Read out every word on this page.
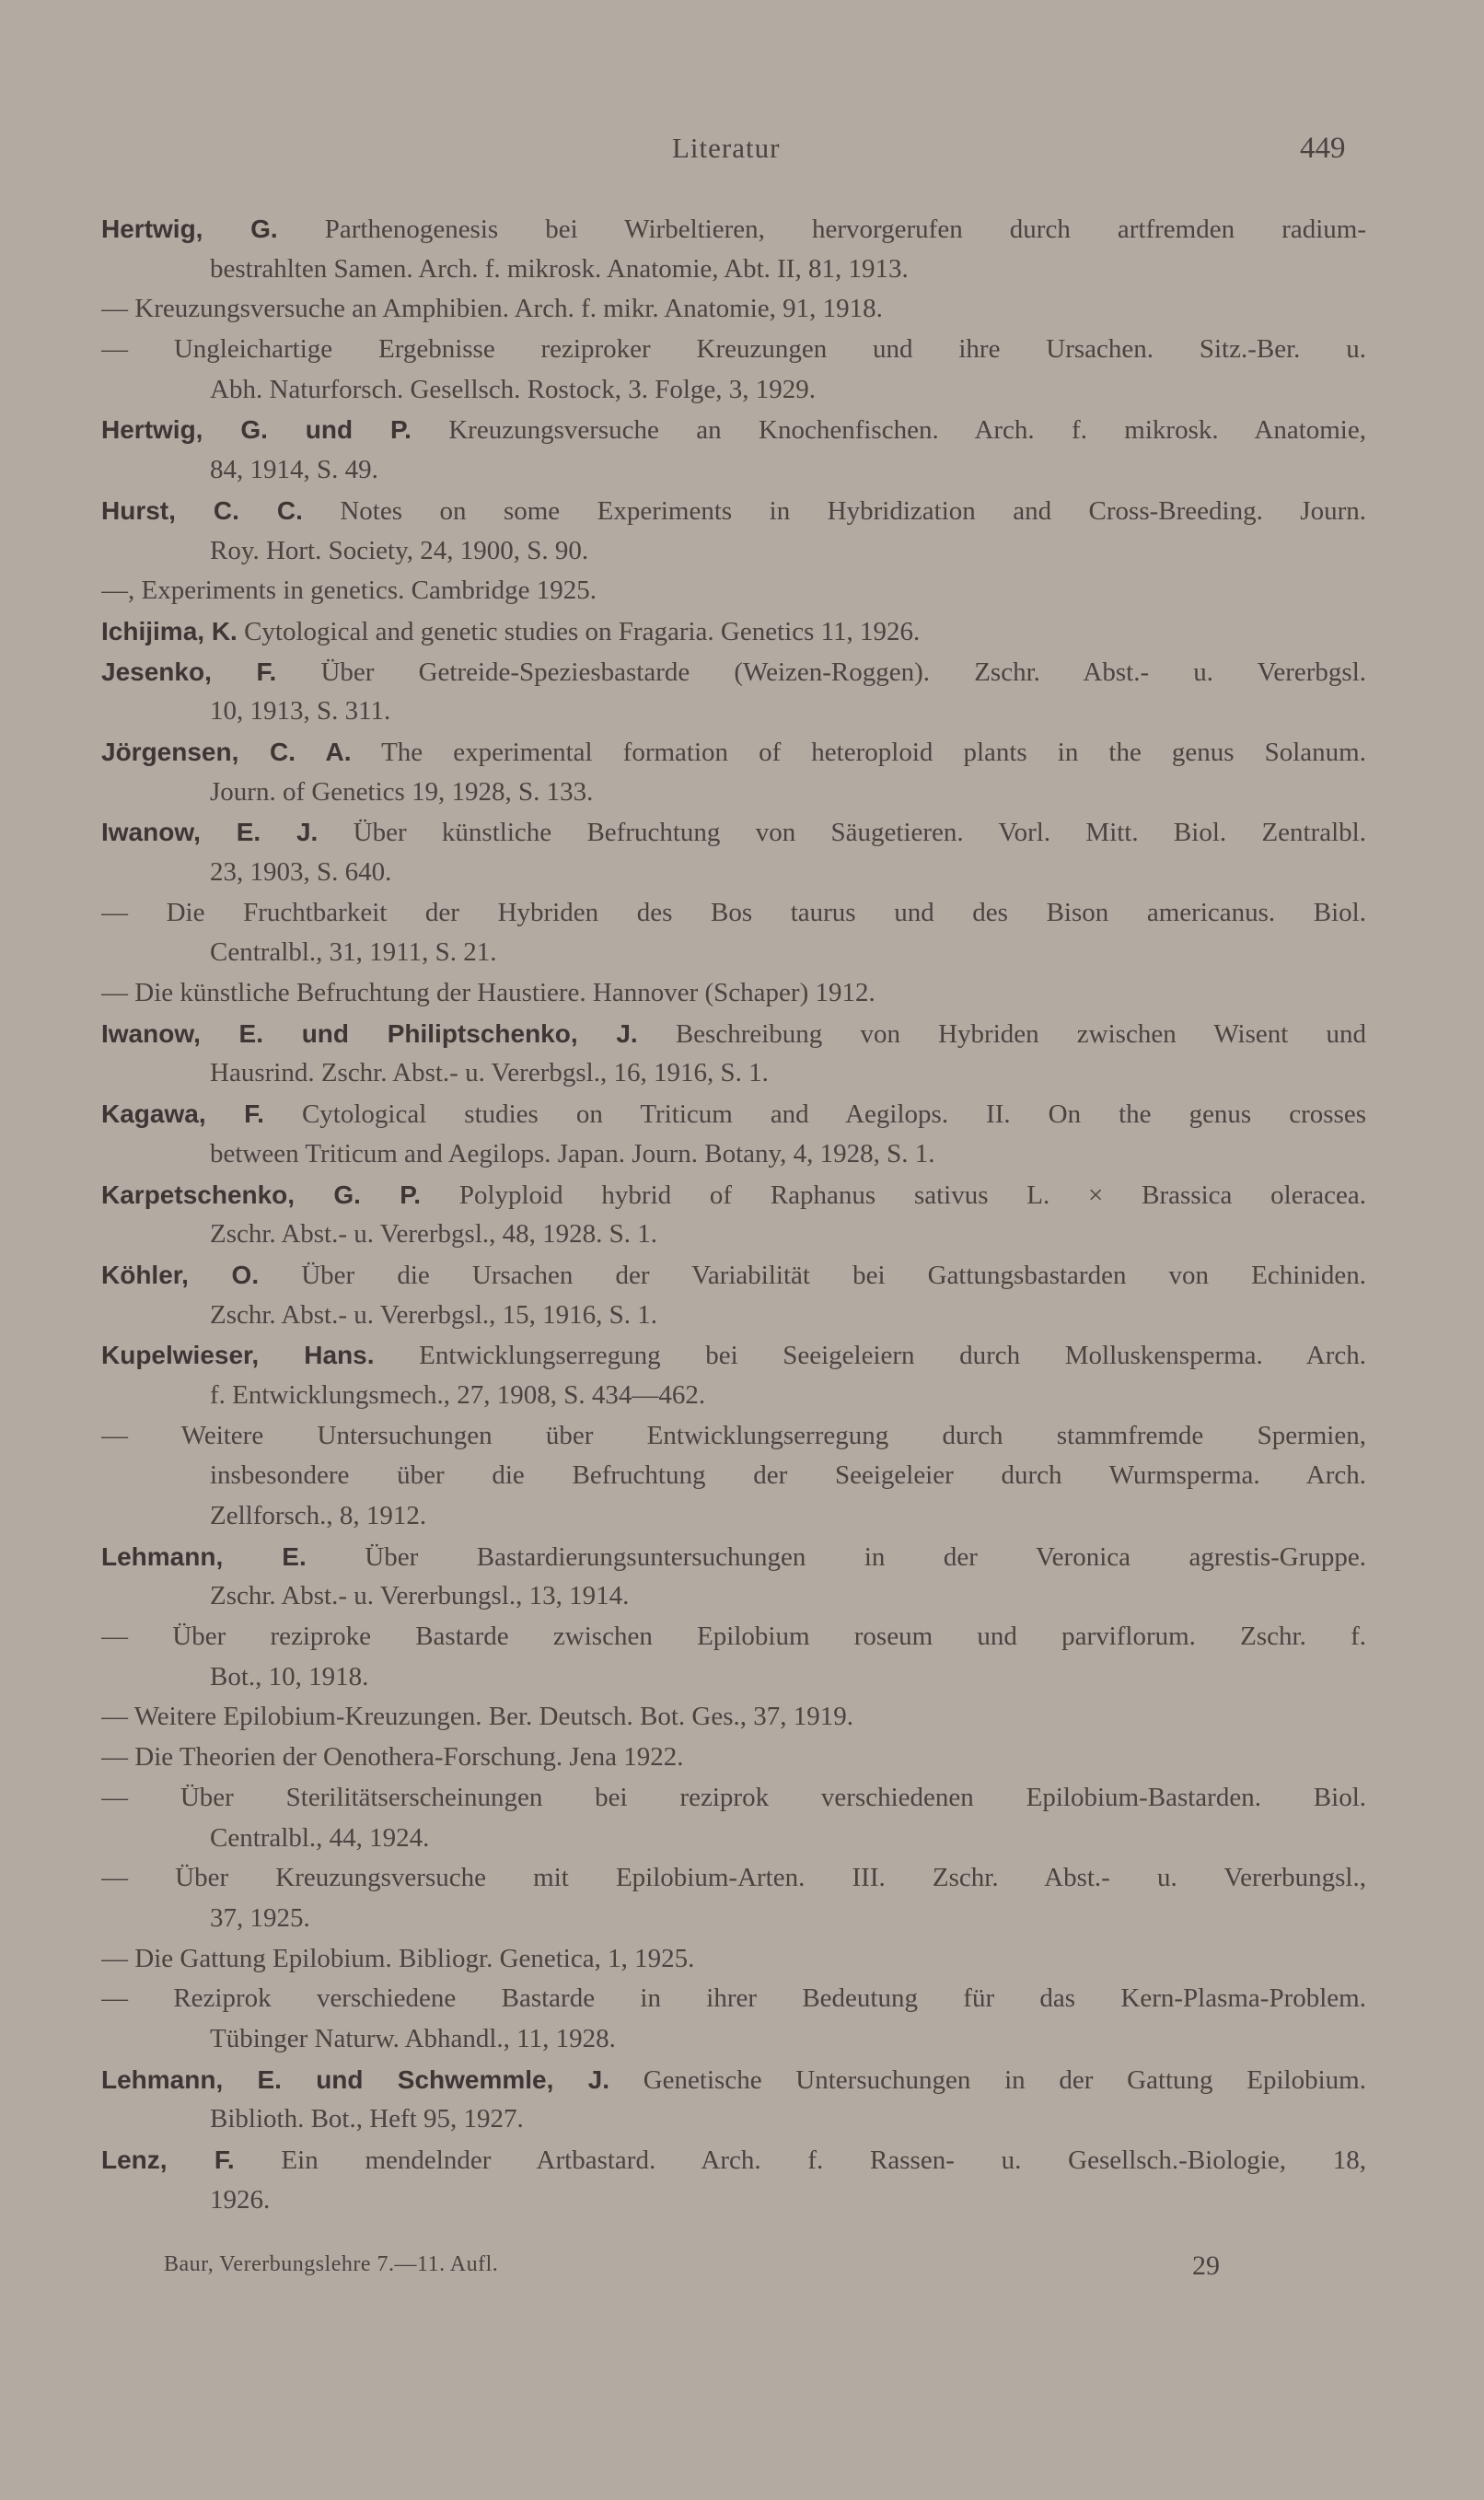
Literatur	449
Hertwig, G. Parthenogenesis bei Wirbeltieren, hervorgerufen durch artfremden radium-
bestrahlten Samen. Arch. f. mikrosk. Anatomie, Abt. II, 81, 1913.
— Kreuzungsversuche an Amphibien. Arch. f. mikr. Anatomie, 91, 1918.
— Ungleichartige Ergebnisse reziproker Kreuzungen und ihre Ursachen. Sitz.-Ber. u.
Abh. Naturforsch. Gesellsch. Rostock, 3. Folge, 3, 1929.
Hertwig, G. und P. Kreuzungsversuche an Knochenfischen. Arch. f. mikrosk. Anatomie,
84, 1914, S. 49.
Hurst, C. C. Notes on some Experiments in Hybridization and Cross-Breeding. Journ.
Roy. Hort. Society, 24, 1900, S. 90.
—, Experiments in genetics. Cambridge 1925.
Ichijima, K. Cytological and genetic studies on Fragaria. Genetics 11, 1926.
Jesenko, F. Über Getreide-Speziesbastarde (Weizen-Roggen). Zschr. Abst.- u. Vererbgsl.
10, 1913, S. 311.
Jörgensen, C. A. The experimental formation of heteroploid plants in the genus Solanum.
Journ. of Genetics 19, 1928, S. 133.
Iwanow, E. J. Über künstliche Befruchtung von Säugetieren. Vorl. Mitt. Biol. Zentralbl.
23, 1903, S. 640.
— Die Fruchtbarkeit der Hybriden des Bos taurus und des Bison americanus. Biol.
Centralbl., 31, 1911, S. 21.
— Die künstliche Befruchtung der Haustiere. Hannover (Schaper) 1912.
Iwanow, E. und Philiptschenko, J. Beschreibung von Hybriden zwischen Wisent und
Hausrind. Zschr. Abst.- u. Vererbgsl., 16, 1916, S. 1.
Kagawa, F. Cytological studies on Triticum and Aegilops. II. On the genus crosses
between Triticum and Aegilops. Japan. Journ. Botany, 4, 1928, S. 1.
Karpetschenko, G. P. Polyploid hybrid of Raphanus sativus L. × Brassica oleracea.
Zschr. Abst.- u. Vererbgsl., 48, 1928. S. 1.
Köhler, O. Über die Ursachen der Variabilität bei Gattungsbastarden von Echiniden.
Zschr. Abst.- u. Vererbgsl., 15, 1916, S. 1.
Kupelwieser, Hans. Entwicklungserregung bei Seeigeleiern durch Molluskensperma. Arch.
f. Entwicklungsmech., 27, 1908, S. 434—462.
— Weitere Untersuchungen über Entwicklungserregung durch stammfremde Spermien,
insbesondere über die Befruchtung der Seeigeleier durch Wurmsperma. Arch.
Zellforsch., 8, 1912.
Lehmann, E. Über Bastardierungsuntersuchungen in der Veronica agrestis-Gruppe.
Zschr. Abst.- u. Vererbungsl., 13, 1914.
— Über reziproke Bastarde zwischen Epilobium roseum und parviflorum. Zschr. f.
Bot., 10, 1918.
— Weitere Epilobium-Kreuzungen. Ber. Deutsch. Bot. Ges., 37, 1919.
— Die Theorien der Oenothera-Forschung. Jena 1922.
— Über Sterilitätserscheinungen bei reziprok verschiedenen Epilobium-Bastarden. Biol.
Centralbl., 44, 1924.
— Über Kreuzungsversuche mit Epilobium-Arten. III. Zschr. Abst.- u. Vererbungsl.,
37, 1925.
— Die Gattung Epilobium. Bibliogr. Genetica, 1, 1925.
— Reziprok verschiedene Bastarde in ihrer Bedeutung für das Kern-Plasma-Problem.
Tübinger Naturw. Abhandl., 11, 1928.
Lehmann, E. und Schwemmle, J. Genetische Untersuchungen in der Gattung Epilobium.
Biblioth. Bot., Heft 95, 1927.
Lenz, F. Ein mendelnder Artbastard. Arch. f. Rassen- u. Gesellsch.-Biologie, 18,
1926.
Baur, Vererbungslehre 7.—11. Aufl.	29
